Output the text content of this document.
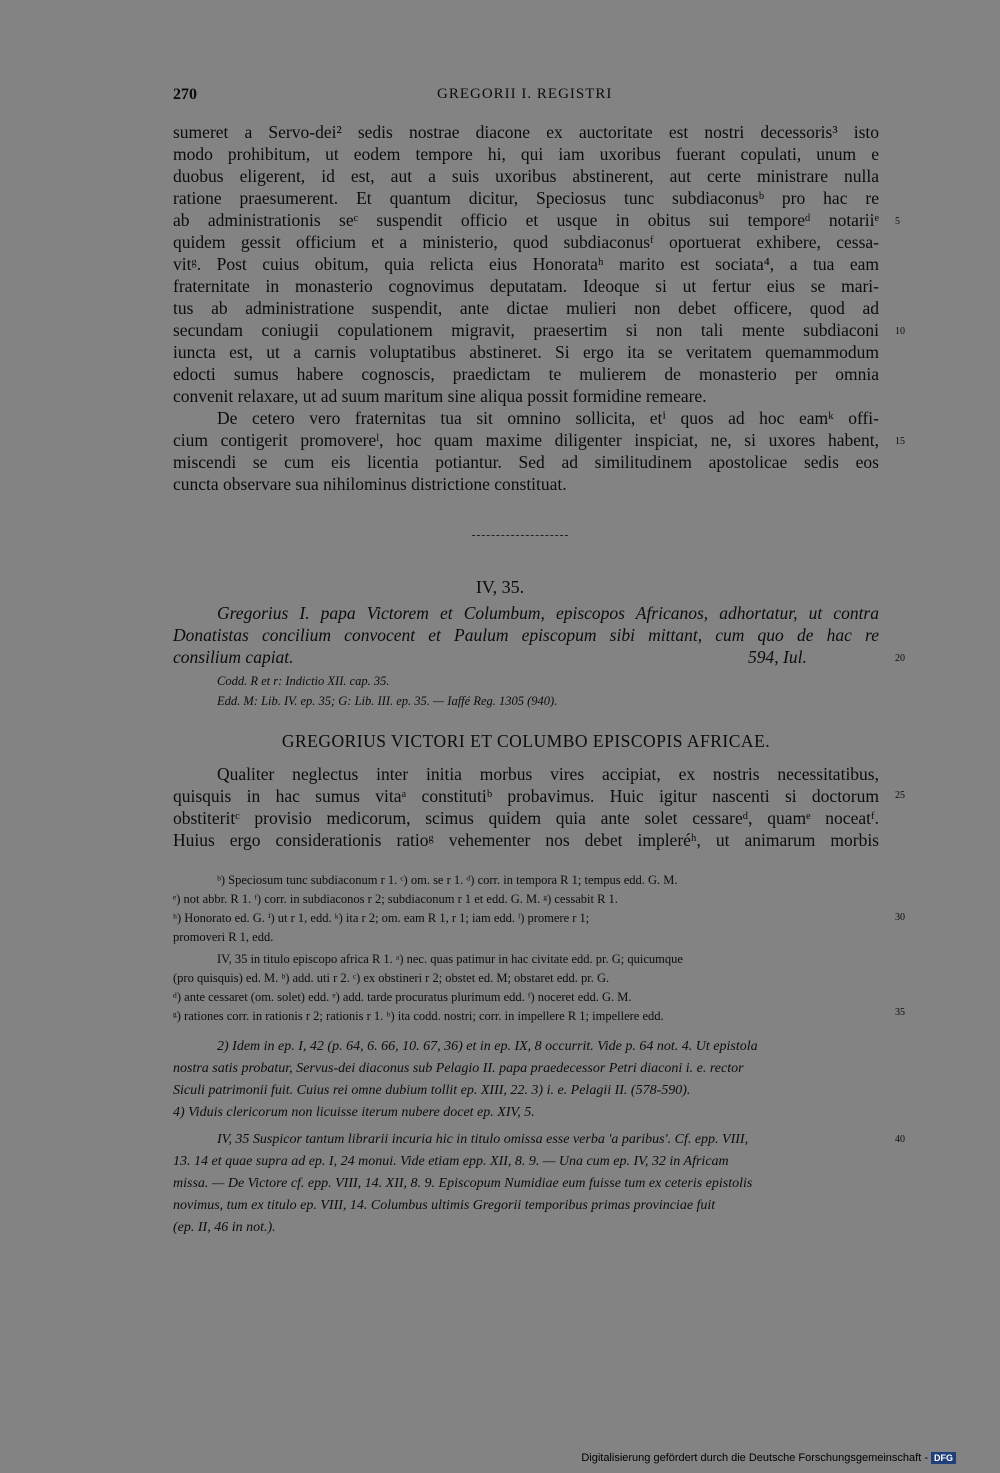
270	GREGORII I. REGISTRI
sumeret a Servo-dei² sedis nostrae diacone ex auctoritate est nostri decessoris³ isto
modo prohibitum, ut eodem tempore hi, qui iam uxoribus fuerant copulati, unum e
duobus eligerent, id est, aut a suis uxoribus abstinerent, aut certe ministrare nulla
ratione praesumerent. Et quantum dicitur, Speciosus tunc subdiaconusᵇ pro hac re
ab administrationis seᶜ suspendit officio et usque in obitus sui temporeᵈ notariiᵉ
quidem gessit officium et a ministerio, quod subdiaconusᶠ oportuerat exhibere, cessa-
vitᵍ. Post cuius obitum, quia relicta eius Honorataʰ marito est sociata⁴, a tua eam
fraternitate in monasterio cognovimus deputatam. Ideoque si ut fertur eius se mari-
tus ab administratione suspendit, ante dictae mulieri non debet officere, quod ad
secundam coniugii copulationem migravit, praesertim si non tali mente subdiaconi
iuncta est, ut a carnis voluptatibus abstineret. Si ergo ita se veritatem quemammodum
edocti sumus habere cognoscis, praedictam te mulierem de monasterio per omnia
convenit relaxare, ut ad suum maritum sine aliqua possit formidine remeare.
De cetero vero fraternitas tua sit omnino sollicita, etⁱ quos ad hoc eamᵏ offi-
cium contigerit promovereˡ, hoc quam maxime diligenter inspiciat, ne, si uxores habent,
miscendi se cum eis licentia potiantur. Sed ad similitudinem apostolicae sedis eos
cuncta observare sua nihilominus districtione constituat.
IV, 35.
Gregorius I. papa Victorem et Columbum, episcopos Africanos, adhortatur, ut contra
Donatistas concilium convocent et Paulum episcopum sibi mittant, cum quo de hac re
consilium capiat.	594, Iul.
Codd. R et r: Indictio XII. cap. 35.
Edd. M: Lib. IV. ep. 35; G: Lib. III. ep. 35. — Iaffé Reg. 1305 (940).
GREGORIUS VICTORI ET COLUMBO EPISCOPIS AFRICAE.
Qualiter neglectus inter initia morbus vires accipiat, ex nostris necessitatibus,
quisquis in hac sumus vitaᵃ constitutiᵇ probavimus. Huic igitur nascenti si doctorum
obstiteritᶜ provisio medicorum, scimus quidem quia ante solet cessareᵈ, quamᵉ noceatᶠ.
Huius ergo considerationis ratioᵍ vehementer nos debet impleréʰ, ut animarum morbis
ᵇ) Speciosum tunc subdiaconum r 1. ᶜ) om. se r 1. ᵈ) corr. in tempora R 1; tempus edd. G. M.
ᵉ) not abbr. R 1. ᶠ) corr. in subdiaconos r 2; subdiaconum r 1 et edd. G. M. ᵍ) cessabit R 1.
ʰ) Honorato ed. G. ⁱ) ut r 1, edd. ᵏ) ita r 2; om. eam R 1, r 1; iam edd. ˡ) promere r 1;
promoveri R 1, edd.
IV, 35 in titulo episcopo africa R 1. ᵃ) nec. quas patimur in hac civitate edd. pr. G; quicumque
(pro quisquis) ed. M. ᵇ) add. uti r 2. ᶜ) ex obstineri r 2; obstet ed. M; obstaret edd. pr. G.
ᵈ) ante cessaret (om. solet) edd. ᵉ) add. tarde procuratus plurimum edd. ᶠ) noceret edd. G. M.
ᵍ) rationes corr. in rationis r 2; rationis r 1. ʰ) ita codd. nostri; corr. in impellere R 1; impellere edd.
2) Idem in ep. I, 42 (p. 64, 6. 66, 10. 67, 36) et in ep. IX, 8 occurrit. Vide p. 64 not. 4. Ut epistola
nostra satis probatur, Servus-dei diaconus sub Pelagio II. papa praedecessor Petri diaconi i. e. rector
Siculi patrimonii fuit. Cuius rei omne dubium tollit ep. XIII, 22. 3) i. e. Pelagii II. (578-590).
4) Viduis clericorum non licuisse iterum nubere docet ep. XIV, 5.
IV, 35 Suspicor tantum librarii incuria hic in titulo omissa esse verba 'a paribus'. Cf. epp. VIII,
13. 14 et quae supra ad ep. I, 24 monui. Vide etiam epp. XII, 8. 9. — Una cum ep. IV, 32 in Africam
missa. — De Victore cf. epp. VIII, 14. XII, 8. 9. Episcopum Numidiae eum fuisse tum ex ceteris epistolis
novimus, tum ex titulo ep. VIII, 14. Columbus ultimis Gregorii temporibus primas provinciae fuit
(ep. II, 46 in not.).
5
10
15
20
25
30
35
40
Digitalisierung gefördert durch die Deutsche Forschungsgemeinschaft - DFG
